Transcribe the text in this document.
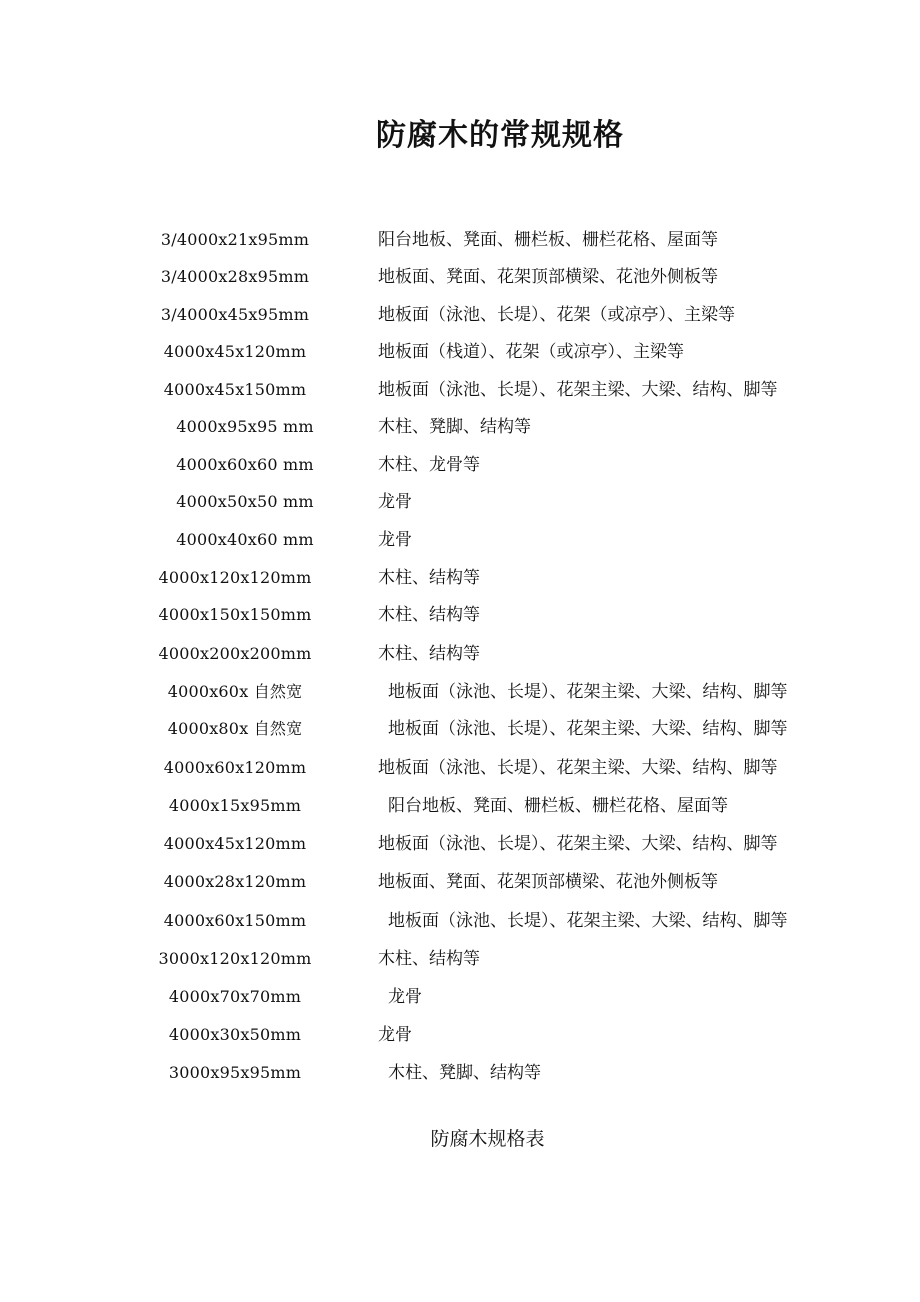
防腐木的常规规格
3/4000x21x95mm	阳台地板、凳面、栅栏板、栅栏花格、屋面等
3/4000x28x95mm	地板面、凳面、花架顶部横梁、花池外侧板等
3/4000x45x95mm	地板面（泳池、长堤）、花架（或凉亭）、主梁等
4000x45x120mm	地板面（栈道）、花架（或凉亭）、主梁等
4000x45x150mm	地板面（泳池、长堤）、花架主梁、大梁、结构、脚等
4000x95x95 mm	木柱、凳脚、结构等
4000x60x60 mm	木柱、龙骨等
4000x50x50 mm	龙骨
4000x40x60 mm	龙骨
4000x120x120mm	木柱、结构等
4000x150x150mm	木柱、结构等
4000x200x200mm	木柱、结构等
4000x60x 自然宽	地板面（泳池、长堤）、花架主梁、大梁、结构、脚等
4000x80x 自然宽	地板面（泳池、长堤）、花架主梁、大梁、结构、脚等
4000x60x120mm	地板面（泳池、长堤）、花架主梁、大梁、结构、脚等
4000x15x95mm	阳台地板、凳面、栅栏板、栅栏花格、屋面等
4000x45x120mm	地板面（泳池、长堤）、花架主梁、大梁、结构、脚等
4000x28x120mm	地板面、凳面、花架顶部横梁、花池外侧板等
4000x60x150mm	地板面（泳池、长堤）、花架主梁、大梁、结构、脚等
3000x120x120mm	木柱、结构等
4000x70x70mm	龙骨
4000x30x50mm	龙骨
3000x95x95mm	木柱、凳脚、结构等
防腐木规格表
